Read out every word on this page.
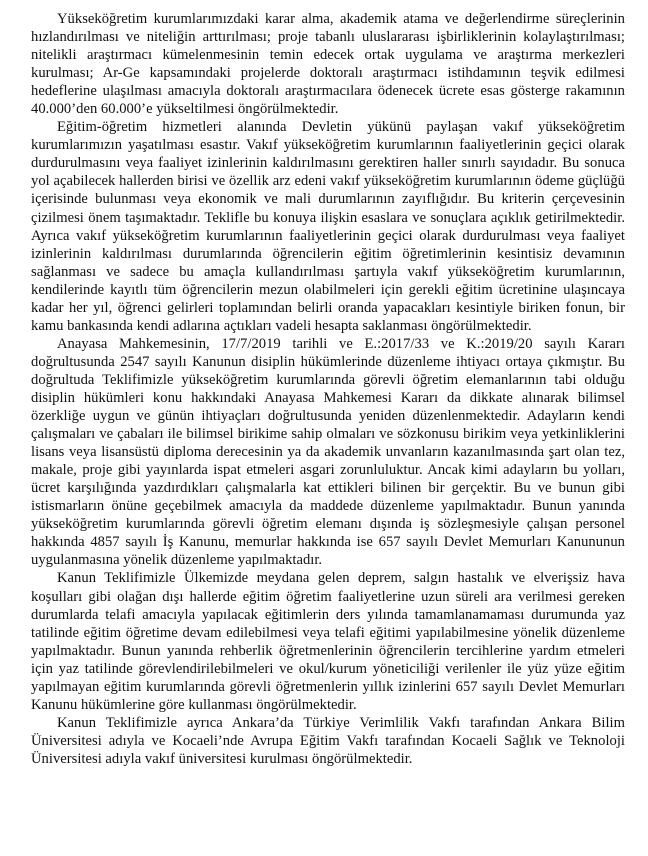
Yükseköğretim kurumlarımızdaki karar alma, akademik atama ve değerlendirme süreçlerinin hızlandırılması ve niteliğin arttırılması; proje tabanlı uluslararası işbirliklerinin kolaylaştırılması; nitelikli araştırmacı kümelenmesinin temin edecek ortak uygulama ve araştırma merkezleri kurulması; Ar-Ge kapsamındaki projelerde doktoralı araştırmacı istihdamının teşvik edilmesi hedeflerine ulaşılması amacıyla doktoralı araştırmacılara ödenecek ücrete esas gösterge rakamının 40.000’den 60.000’e yükseltilmesi öngörülmektedir.

Eğitim-öğretim hizmetleri alanında Devletin yükünü paylaşan vakıf yükseköğretim kurumlarımızın yaşatılması esastır. Vakıf yükseköğretim kurumlarının faaliyetlerinin geçici olarak durdurulmasını veya faaliyet izinlerinin kaldırılmasını gerektiren haller sınırlı sayıdadır. Bu sonuca yol açabilecek hallerden birisi ve özellik arz edeni vakıf yükseköğretim kurumlarının ödeme güçlüğü içerisinde bulunması veya ekonomik ve mali durumlarının zayıflığıdır. Bu kriterin çerçevesinin çizilmesi önem taşımaktadır. Teklifle bu konuya ilişkin esaslara ve sonuçlara açıklık getirilmektedir. Ayrıca vakıf yükseköğretim kurumlarının faaliyetlerinin geçici olarak durdurulması veya faaliyet izinlerinin kaldırılması durumlarında öğrencilerin eğitim öğretimlerinin kesintisiz devamının sağlanması ve sadece bu amaçla kullandırılması şartıyla vakıf yükseköğretim kurumlarının, kendilerinde kayıtlı tüm öğrencilerin mezun olabilmeleri için gerekli eğitim ücretinine ulaşıncaya kadar her yıl, öğrenci gelirleri toplamından belirli oranda yapacakları kesintiyle biriken fonun, bir kamu bankasında kendi adlarına açtıkları vadeli hesapta saklanması öngörülmektedir.

Anayasa Mahkemesinin, 17/7/2019 tarihli ve E.:2017/33 ve K.:2019/20 sayılı Kararı doğrultusunda 2547 sayılı Kanunun disiplin hükümlerinde düzenleme ihtiyacı ortaya çıkmıştır. Bu doğrultuda Teklifimizle yükseköğretim kurumlarında görevli öğretim elemanlarının tabi olduğu disiplin hükümleri konu hakkındaki Anayasa Mahkemesi Kararı da dikkate alınarak bilimsel özerkliğe uygun ve günün ihtiyaçları doğrultusunda yeniden düzenlenmektedir. Adayların kendi çalışmaları ve çabaları ile bilimsel birikime sahip olmaları ve sözkonusu birikim veya yetkinliklerini lisans veya lisansüstü diploma derecesinin ya da akademik unvanların kazanılmasında şart olan tez, makale, proje gibi yayınlarda ispat etmeleri asgari zorunluluktur. Ancak kimi adayların bu yolları, ücret karşılığında yazdırdıkları çalışmalarla kat ettikleri bilinen bir gerçektir. Bu ve bunun gibi istismarların önüne geçebilmek amacıyla da maddede düzenleme yapılmaktadır. Bunun yanında yükseköğretim kurumlarında görevli öğretim elemanı dışında iş sözleşmesiyle çalışan personel hakkında 4857 sayılı İş Kanunu, memurlar hakkında ise 657 sayılı Devlet Memurları Kanununun uygulanmasına yönelik düzenleme yapılmaktadır.

Kanun Teklifimizle Ülkemizde meydana gelen deprem, salgın hastalık ve elverişsiz hava koşulları gibi olağan dışı hallerde eğitim öğretim faaliyetlerine uzun süreli ara verilmesi gereken durumlarda telafi amacıyla yapılacak eğitimlerin ders yılında tamamlanamaması durumunda yaz tatilinde eğitim öğretime devam edilebilmesi veya telafi eğitimi yapılabilmesine yönelik düzenleme yapılmaktadır. Bunun yanında rehberlik öğretmenlerinin öğrencilerin tercihlerine yardım etmeleri için yaz tatilinde görevlendirilebilmeleri ve okul/kurum yöneticiliği verilenler ile yüz yüze eğitim yapılmayan eğitim kurumlarında görevli öğretmenlerin yıllık izinlerini 657 sayılı Devlet Memurları Kanunu hükümlerine göre kullanması öngörülmektedir.

Kanun Teklifimizle ayrıca Ankara’da Türkiye Verimlilik Vakfı tarafından Ankara Bilim Üniversitesi adıyla ve Kocaeli’nde Avrupa Eğitim Vakfı tarafından Kocaeli Sağlık ve Teknoloji Üniversitesi adıyla vakıf üniversitesi kurulması öngörülmektedir.
